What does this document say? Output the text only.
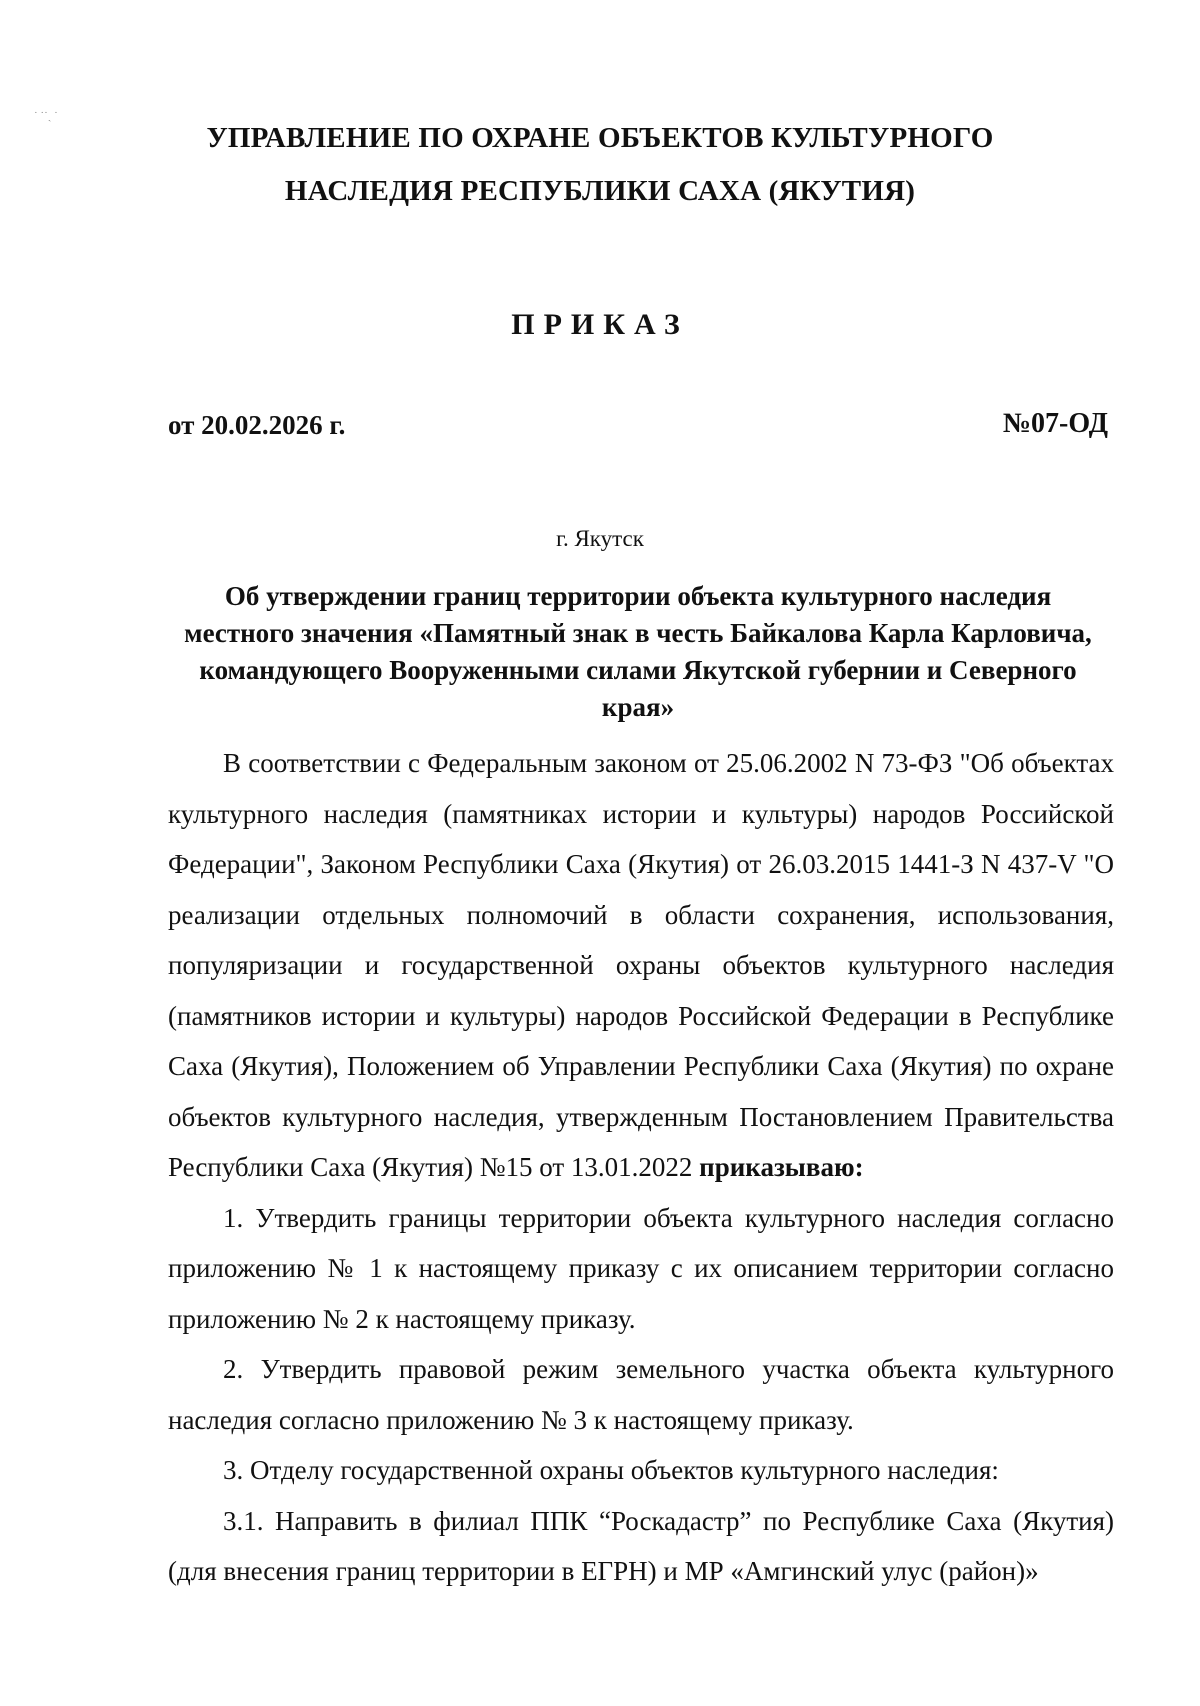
˙ ˙˙ˎ ˙
УПРАВЛЕНИЕ ПО ОХРАНЕ ОБЪЕКТОВ КУЛЬТУРНОГО
НАСЛЕДИЯ РЕСПУБЛИКИ САХА (ЯКУТИЯ)
ПРИКАЗ
от 20.02.2026 г.	№07-ОД
г. Якутск
Об утверждении границ территории объекта культурного наследия местного значения «Памятный знак в честь Байкалова Карла Карловича, командующего Вооруженными силами Якутской губернии и Северного края»

В соответствии с Федеральным законом от 25.06.2002 N 73-ФЗ "Об объектах культурного наследия (памятниках истории и культуры) народов Российской Федерации", Законом Республики Саха (Якутия) от 26.03.2015 1441-З N 437-V "О реализации отдельных полномочий в области сохранения, использования, популяризации и государственной охраны объектов культурного наследия (памятников истории и культуры) народов Российской Федерации в Республике Саха (Якутия), Положением об Управлении Республики Саха (Якутия) по охране объектов культурного наследия, утвержденным Постановлением Правительства Республики Саха (Якутия) №15 от 13.01.2022 приказываю:

1. Утвердить границы территории объекта культурного наследия согласно приложению № 1 к настоящему приказу с их описанием территории согласно приложению № 2 к настоящему приказу.

2. Утвердить правовой режим земельного участка объекта культурного наследия согласно приложению № 3 к настоящему приказу.

3. Отделу государственной охраны объектов культурного наследия:

3.1. Направить в филиал ППК “Роскадастр” по Республике Саха (Якутия) (для внесения границ территории в ЕГРН) и МР «Амгинский улус (район)»
